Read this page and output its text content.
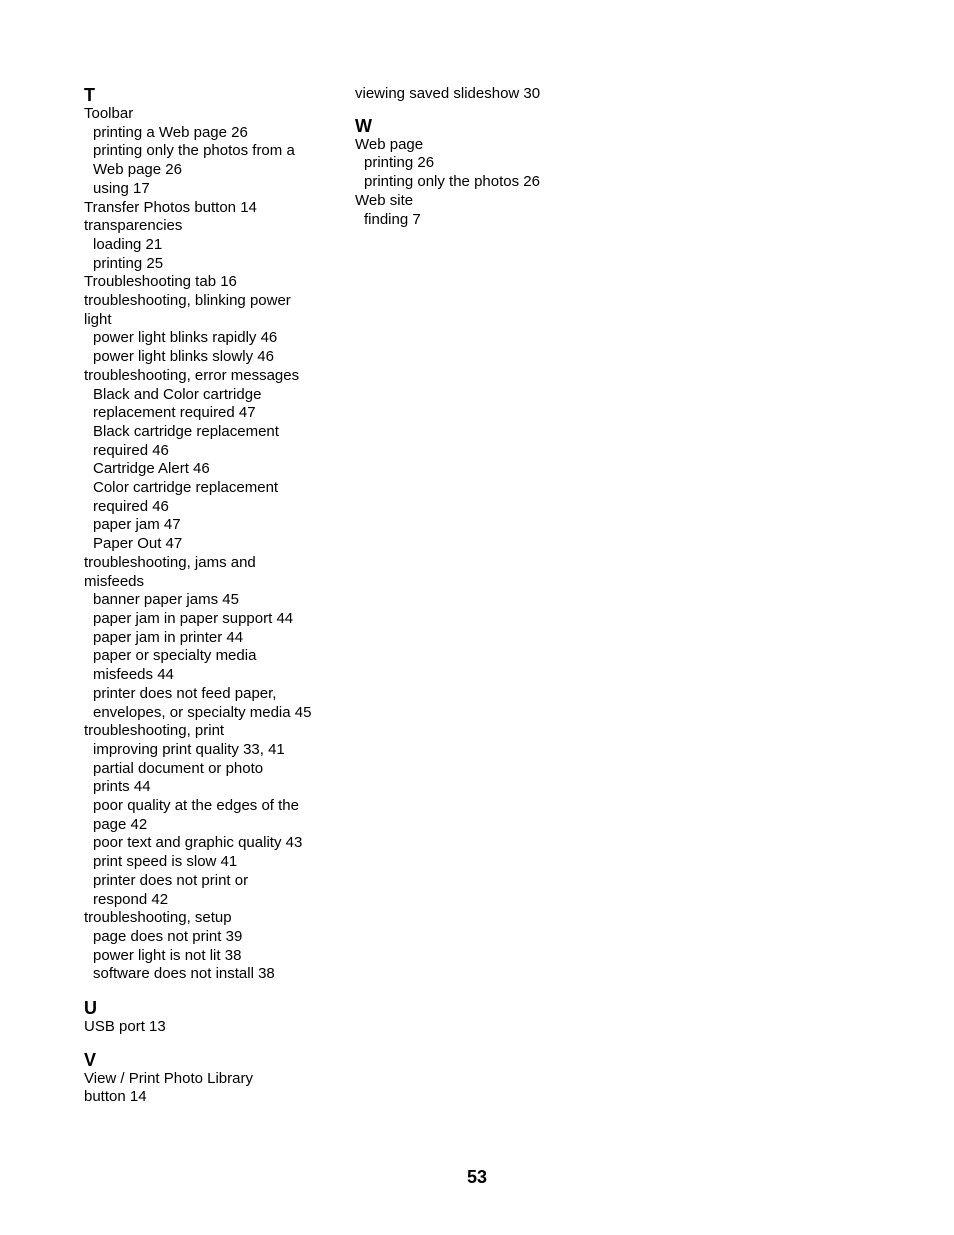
T
Toolbar
printing a Web page 26
printing only the photos from a
Web page 26
using 17
Transfer Photos button 14
transparencies
loading 21
printing 25
Troubleshooting tab 16
troubleshooting, blinking power
light
power light blinks rapidly 46
power light blinks slowly 46
troubleshooting, error messages
Black and Color cartridge
replacement required 47
Black cartridge replacement
required 46
Cartridge Alert 46
Color cartridge replacement
required 46
paper jam 47
Paper Out 47
troubleshooting, jams and
misfeeds
banner paper jams 45
paper jam in paper support 44
paper jam in printer 44
paper or specialty media
misfeeds 44
printer does not feed paper,
envelopes, or specialty media 45
troubleshooting, print
improving print quality 33, 41
partial document or photo
prints 44
poor quality at the edges of the
page 42
poor text and graphic quality 43
print speed is slow 41
printer does not print or
respond 42
troubleshooting, setup
page does not print 39
power light is not lit 38
software does not install 38
U
USB port 13
V
View / Print Photo Library
button 14
viewing saved slideshow 30
W
Web page
printing 26
printing only the photos 26
Web site
finding 7
53
